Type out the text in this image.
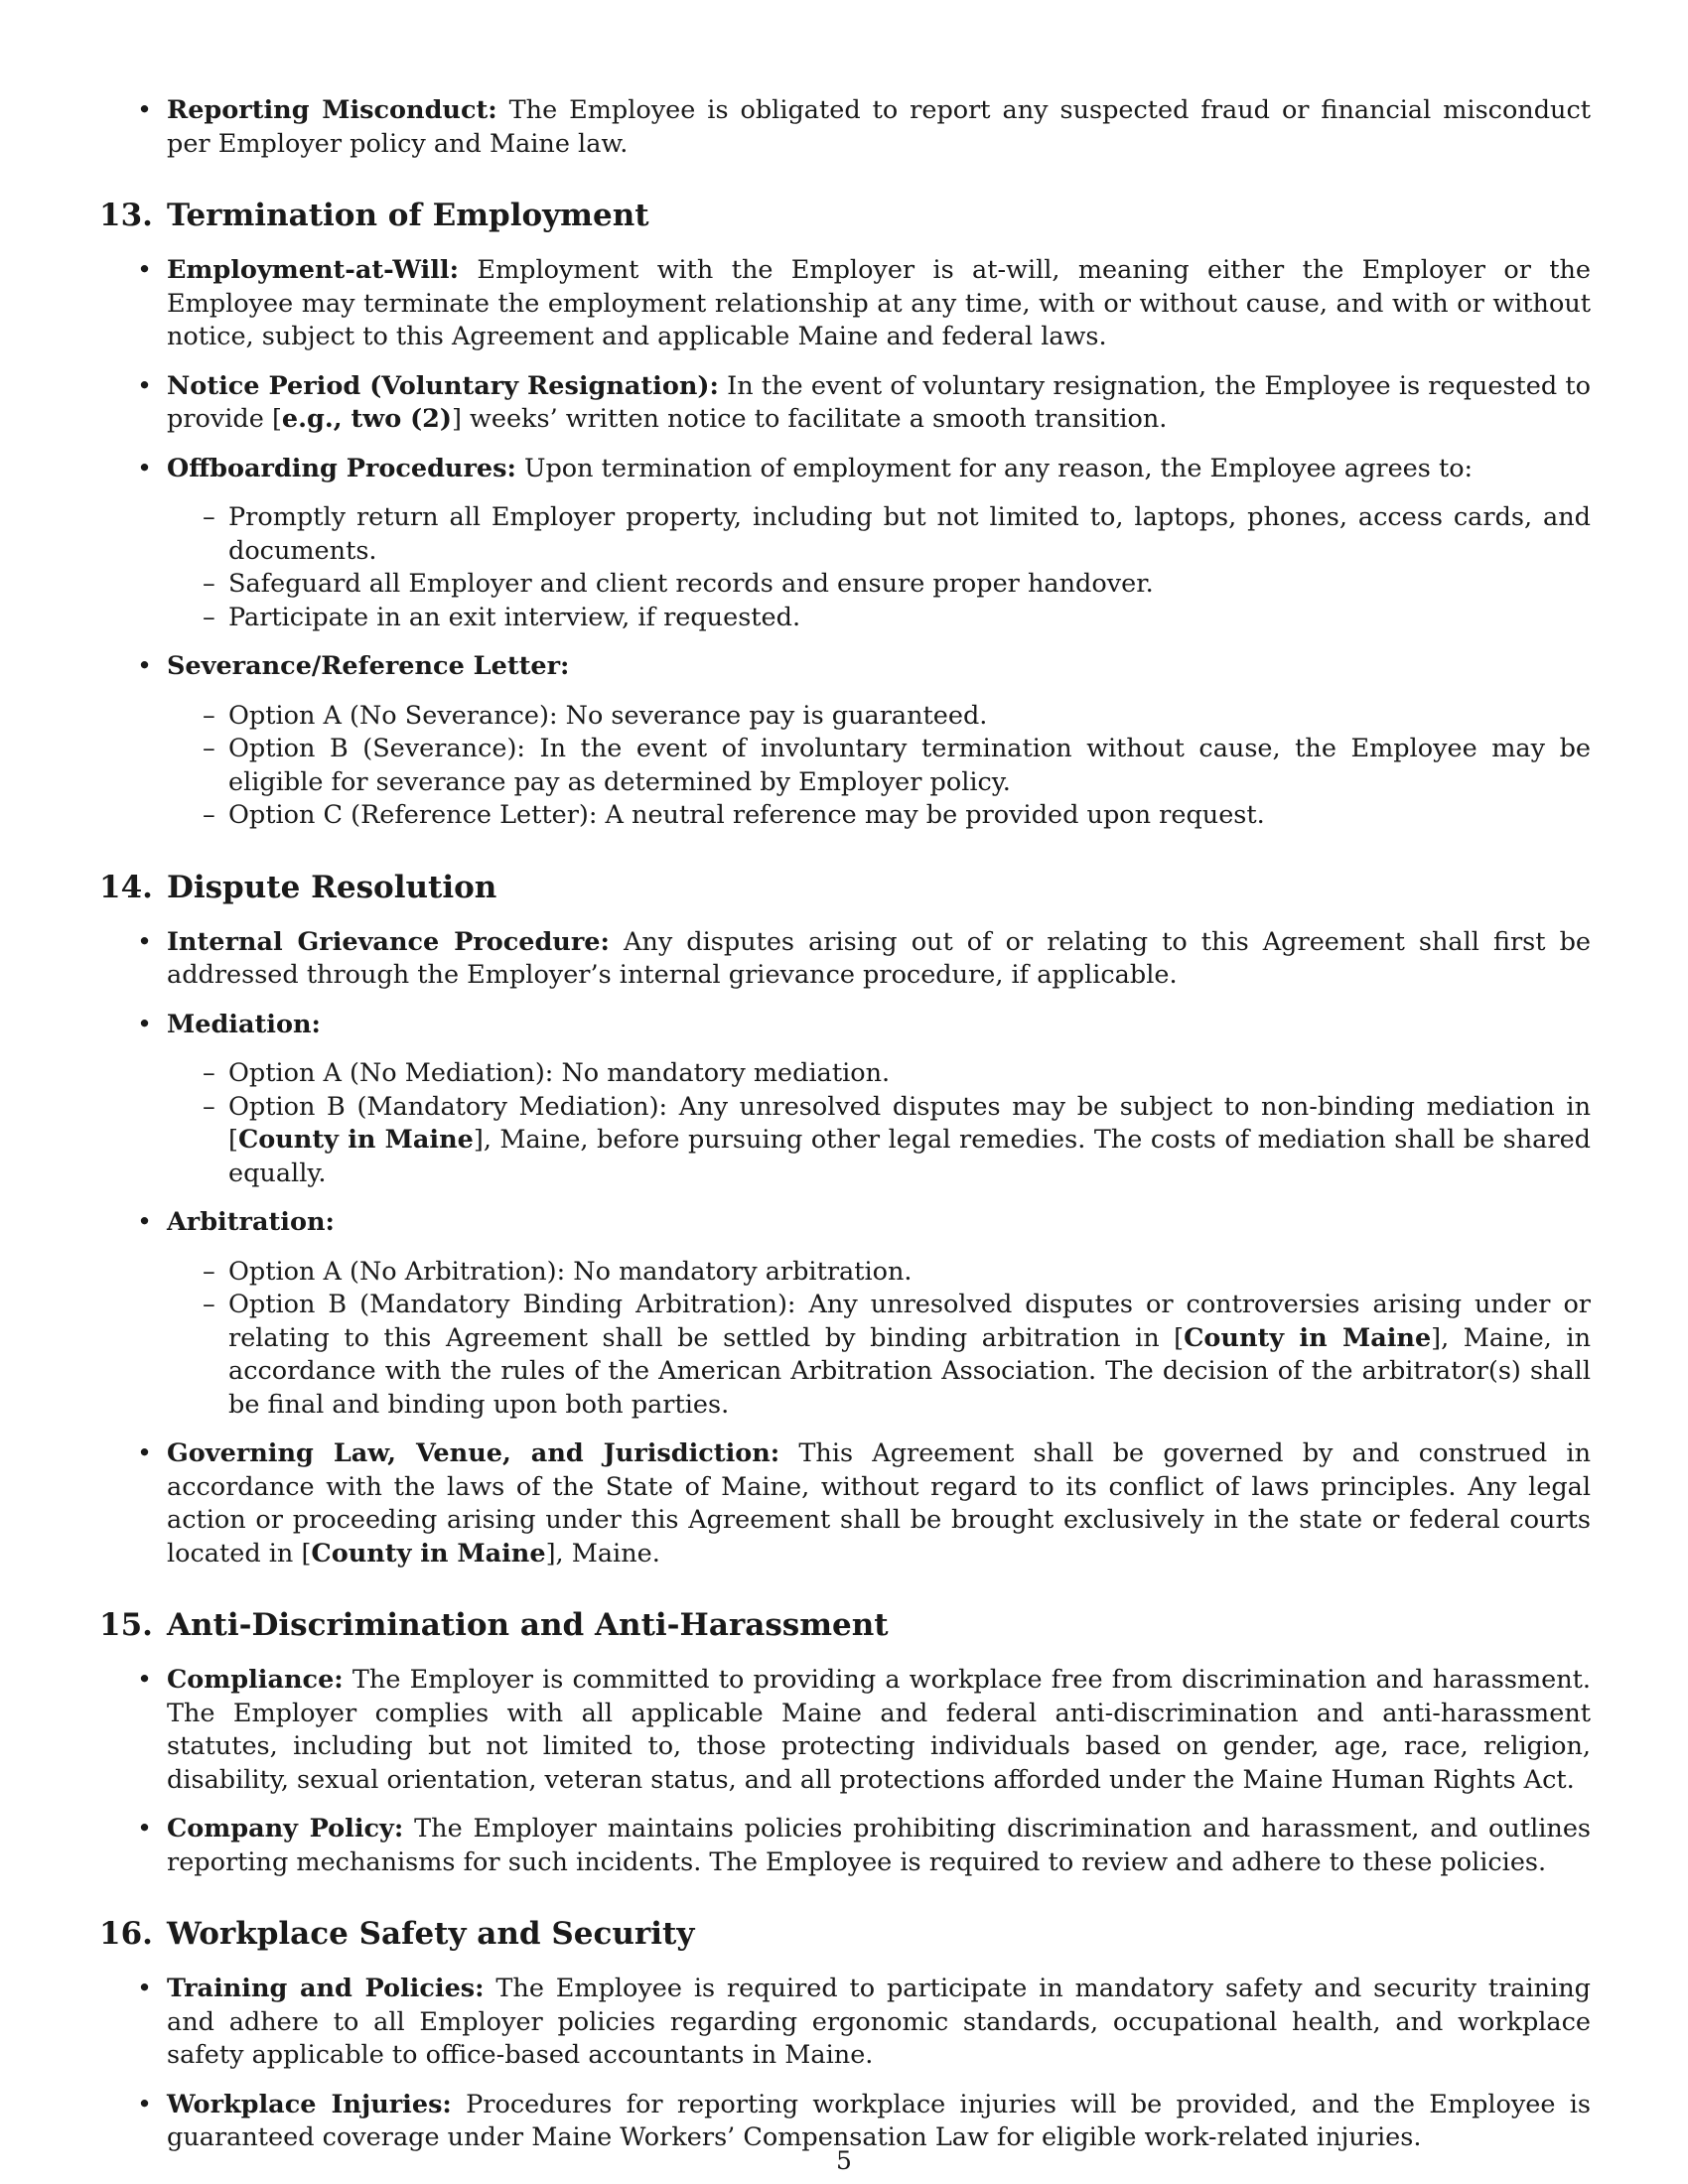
• Reporting Misconduct: The Employee is obligated to report any suspected fraud or financial misconduct per Employer policy and Maine law.
13. Termination of Employment
• Employment-at-Will: Employment with the Employer is at-will, meaning either the Employer or the Employee may terminate the employment relationship at any time, with or without cause, and with or without notice, subject to this Agreement and applicable Maine and federal laws.
• Notice Period (Voluntary Resignation): In the event of voluntary resignation, the Employee is requested to provide [e.g., two (2)] weeks’ written notice to facilitate a smooth transition.
• Offboarding Procedures: Upon termination of employment for any reason, the Employee agrees to:
– Promptly return all Employer property, including but not limited to, laptops, phones, access cards, and documents.
– Safeguard all Employer and client records and ensure proper handover.
– Participate in an exit interview, if requested.
• Severance/Reference Letter:
– Option A (No Severance): No severance pay is guaranteed.
– Option B (Severance): In the event of involuntary termination without cause, the Employee may be eligible for severance pay as determined by Employer policy.
– Option C (Reference Letter): A neutral reference may be provided upon request.
14. Dispute Resolution
• Internal Grievance Procedure: Any disputes arising out of or relating to this Agreement shall first be addressed through the Employer’s internal grievance procedure, if applicable.
• Mediation:
– Option A (No Mediation): No mandatory mediation.
– Option B (Mandatory Mediation): Any unresolved disputes may be subject to non-binding mediation in [County in Maine], Maine, before pursuing other legal remedies. The costs of mediation shall be shared equally.
• Arbitration:
– Option A (No Arbitration): No mandatory arbitration.
– Option B (Mandatory Binding Arbitration): Any unresolved disputes or controversies arising under or relating to this Agreement shall be settled by binding arbitration in [County in Maine], Maine, in accordance with the rules of the American Arbitration Association. The decision of the arbitrator(s) shall be final and binding upon both parties.
• Governing Law, Venue, and Jurisdiction: This Agreement shall be governed by and construed in accordance with the laws of the State of Maine, without regard to its conflict of laws principles. Any legal action or proceeding arising under this Agreement shall be brought exclusively in the state or federal courts located in [County in Maine], Maine.
15. Anti-Discrimination and Anti-Harassment
• Compliance: The Employer is committed to providing a workplace free from discrimination and harassment. The Employer complies with all applicable Maine and federal anti-discrimination and anti-harassment statutes, including but not limited to, those protecting individuals based on gender, age, race, religion, disability, sexual orientation, veteran status, and all protections afforded under the Maine Human Rights Act.
• Company Policy: The Employer maintains policies prohibiting discrimination and harassment, and outlines reporting mechanisms for such incidents. The Employee is required to review and adhere to these policies.
16. Workplace Safety and Security
• Training and Policies: The Employee is required to participate in mandatory safety and security training and adhere to all Employer policies regarding ergonomic standards, occupational health, and workplace safety applicable to office-based accountants in Maine.
• Workplace Injuries: Procedures for reporting workplace injuries will be provided, and the Employee is guaranteed coverage under Maine Workers’ Compensation Law for eligible work-related injuries.
5
